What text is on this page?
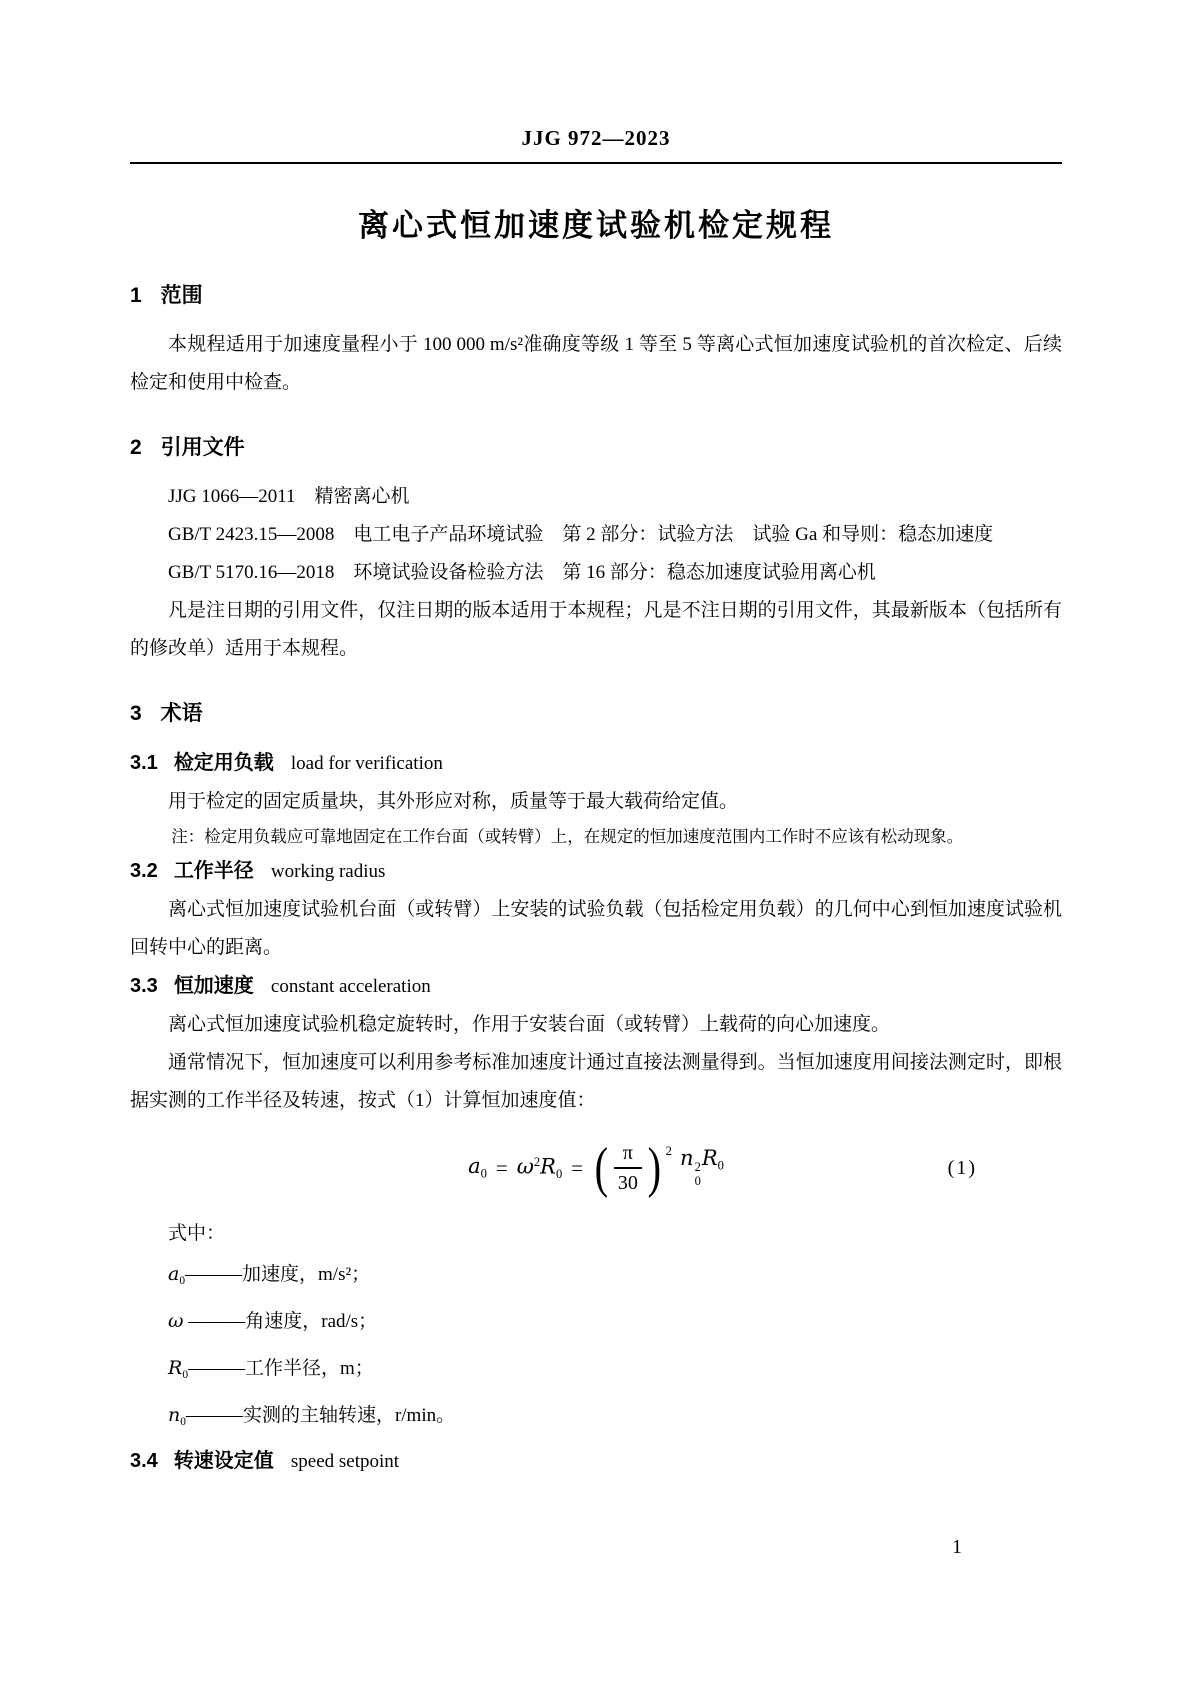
JJG 972—2023
离心式恒加速度试验机检定规程
1 范围

本规程适用于加速度量程小于 100 000 m/s²准确度等级 1 等至 5 等离心式恒加速度试验机的首次检定、后续检定和使用中检查。

2 引用文件

JJG 1066—2011　精密离心机

GB/T 2423.15—2008　电工电子产品环境试验　第 2 部分：试验方法　试验 Ga 和导则：稳态加速度

GB/T 5170.16—2018　环境试验设备检验方法　第 16 部分：稳态加速度试验用离心机

凡是注日期的引用文件，仅注日期的版本适用于本规程；凡是不注日期的引用文件，其最新版本（包括所有的修改单）适用于本规程。

3 术语

3.1 检定用负载 load for verification

用于检定的固定质量块，其外形应对称，质量等于最大载荷给定值。

注：检定用负载应可靠地固定在工作台面（或转臂）上，在规定的恒加速度范围内工作时不应该有松动现象。

3.2 工作半径 working radius

离心式恒加速度试验机台面（或转臂）上安装的试验负载（包括检定用负载）的几何中心到恒加速度试验机回转中心的距离。

3.3 恒加速度 constant acceleration

离心式恒加速度试验机稳定旋转时，作用于安装台面（或转臂）上载荷的向心加速度。

通常情况下，恒加速度可以利用参考标准加速度计通过直接法测量得到。当恒加速度用间接法测定时，即根据实测的工作半径及转速，按式（1）计算恒加速度值：

$a_0 = \omega^2R_0$ = ( $\frac{\pi}{30}$ ) 2 n 2
0
$R_0$	(1)

式中：

$a_0———$加速度，m/s²；

ω ———角速度，rad/s；

$R_0———$工作半径，m；

$n_0———$实测的主轴转速，r/min。

3.4 转速设定值 speed setpoint

1
